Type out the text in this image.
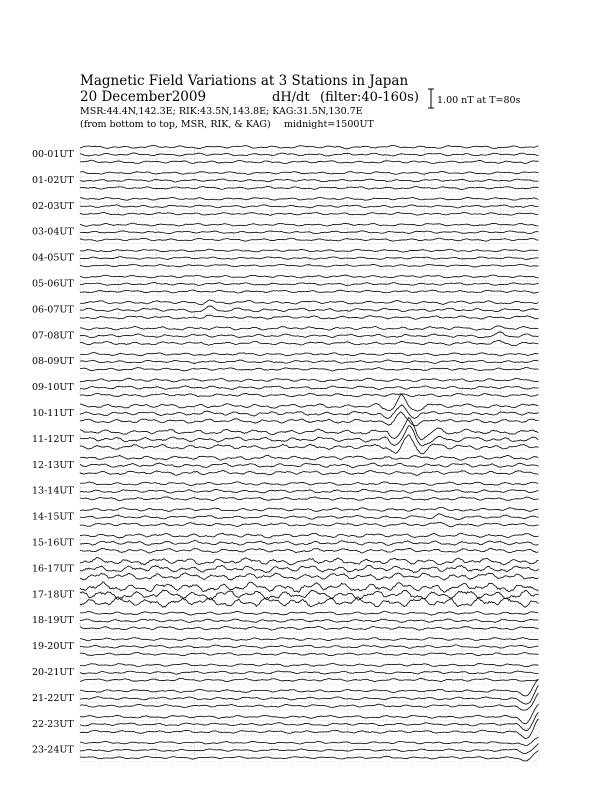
Magnetic Field Variations at 3 Stations in Japan
20 December2009	dH/dt (filter:40-160s)
MSR:44.4N,142.3E; RIK:43.5N,143.8E; KAG:31.5N,130.7E
(from bottom to top, MSR, RIK, & KAG) midnight=1500UT
1.00 nT at T=80s
00-01UT
01-02UT
02-03UT
03-04UT
04-05UT
05-06UT
06-07UT
07-08UT
08-09UT
09-10UT
10-11UT
11-12UT
12-13UT
13-14UT
14-15UT
15-16UT
16-17UT
17-18UT
18-19UT
19-20UT
20-21UT
21-22UT
22-23UT
23-24UT
